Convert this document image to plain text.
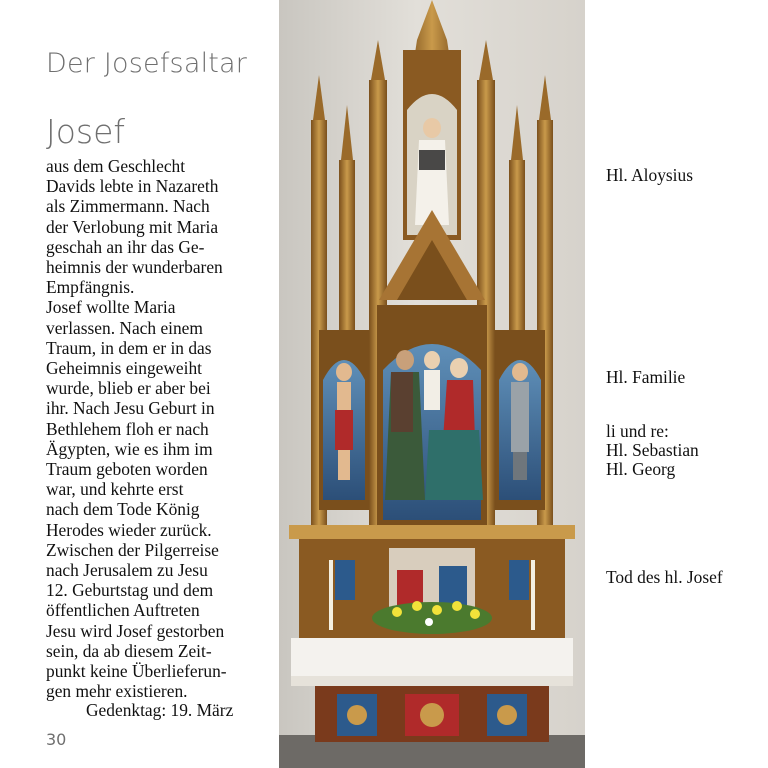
Der Josefsaltar
Josef
aus dem Geschlecht
Davids lebte in Nazareth
als Zimmermann. Nach
der Verlobung mit Maria
geschah an ihr das Ge-
heimnis der wunderbaren
Empfängnis.
Josef wollte Maria
verlassen. Nach einem
Traum, in dem er in das
Geheimnis eingeweiht
wurde, blieb er aber bei
ihr. Nach Jesu Geburt in
Bethlehem floh er nach
Ägypten, wie es ihm im
Traum geboten worden
war, und kehrte erst
nach dem Tode König
Herodes wieder zurück.
Zwischen der Pilgerreise
nach Jerusalem zu Jesu
12. Geburtstag und dem
öffentlichen Auftreten
Jesu wird Josef gestorben
sein, da ab diesem Zeit-
punkt keine Überlieferun-
gen mehr existieren.
Gedenktag: 19. März
30
Hl. Aloysius
Hl. Familie
li und re:
Hl. Sebastian
Hl. Georg
Tod des hl. Josef
